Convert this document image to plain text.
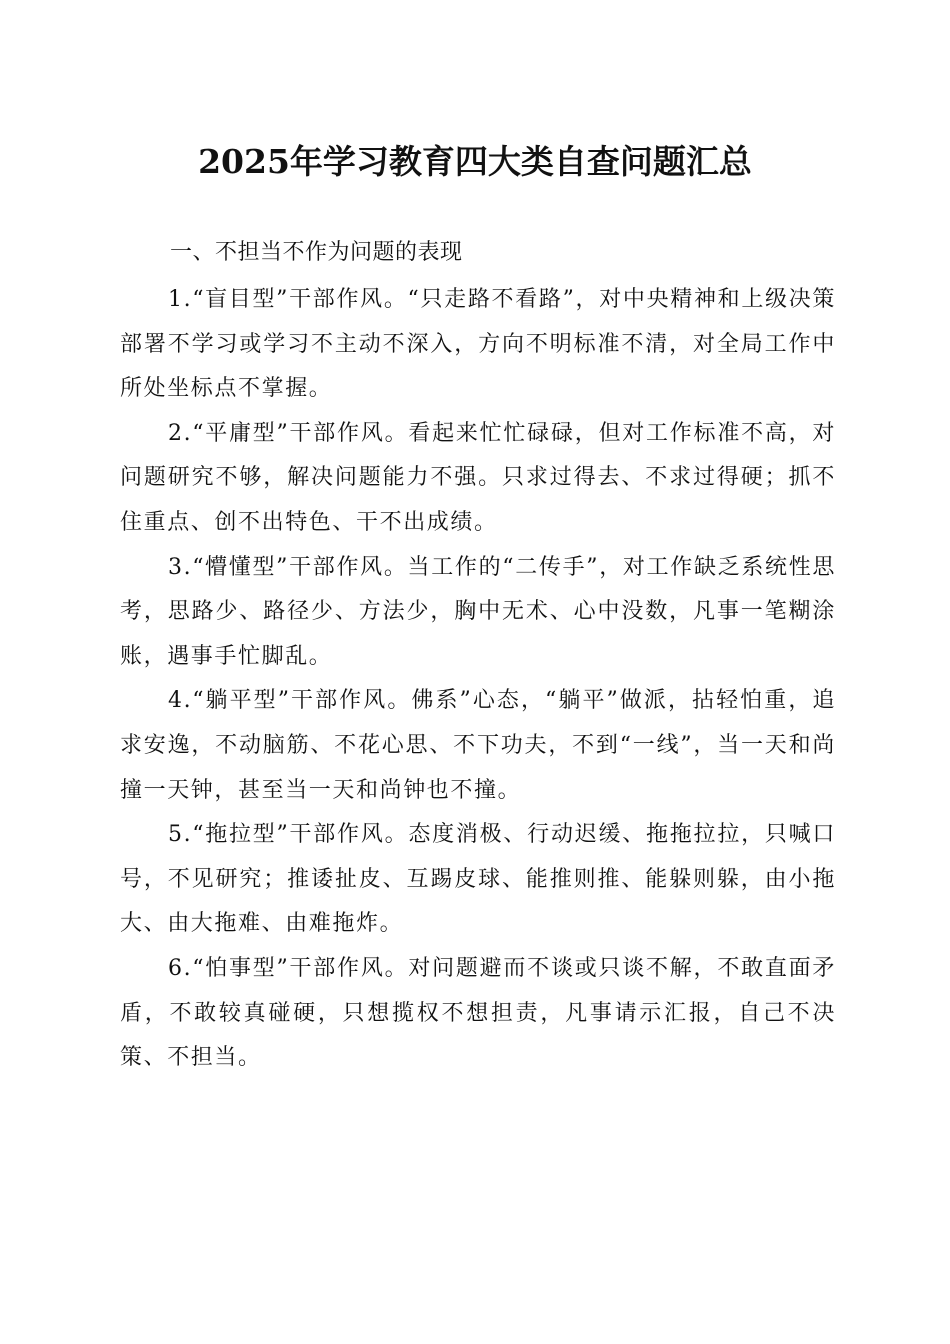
2025年学习教育四大类自查问题汇总
一、不担当不作为问题的表现

1.“盲目型”干部作风。“只走路不看路”，对中央精神和上级决策部署不学习或学习不主动不深入，方向不明标准不清，对全局工作中所处坐标点不掌握。

2.“平庸型”干部作风。看起来忙忙碌碌，但对工作标准不高，对问题研究不够，解决问题能力不强。只求过得去、不求过得硬；抓不住重点、创不出特色、干不出成绩。

3.“懵懂型”干部作风。当工作的“二传手”，对工作缺乏系统性思考，思路少、路径少、方法少，胸中无术、心中没数，凡事一笔糊涂账，遇事手忙脚乱。

4.“躺平型”干部作风。佛系”心态，“躺平”做派，拈轻怕重，追求安逸，不动脑筋、不花心思、不下功夫，不到“一线”，当一天和尚撞一天钟，甚至当一天和尚钟也不撞。

5.“拖拉型”干部作风。态度消极、行动迟缓、拖拖拉拉，只喊口号，不见研究；推诿扯皮、互踢皮球、能推则推、能躲则躲，由小拖大、由大拖难、由难拖炸。

6.“怕事型”干部作风。对问题避而不谈或只谈不解，不敢直面矛盾，不敢较真碰硬，只想揽权不想担责，凡事请示汇报，自己不决策、不担当。
